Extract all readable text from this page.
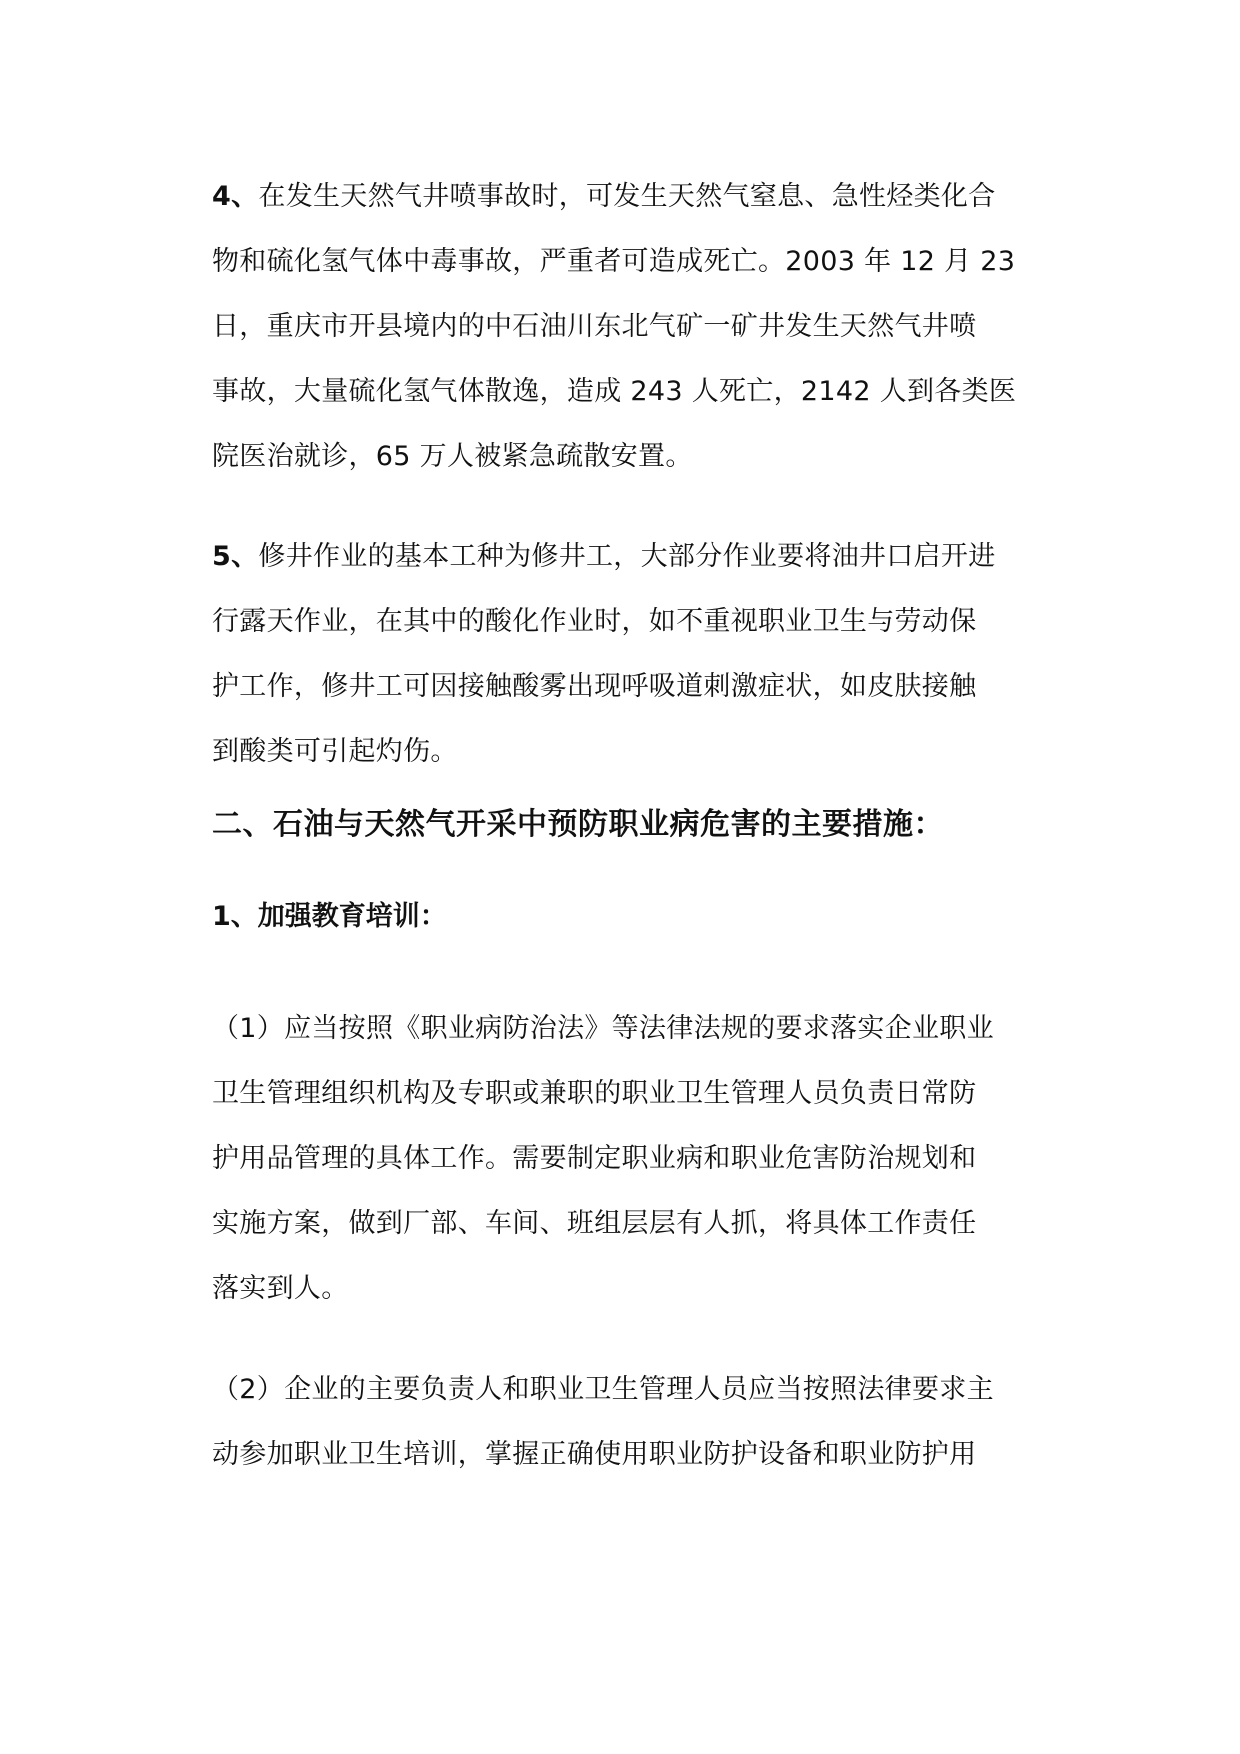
4、在发生天然气井喷事故时，可发生天然气窒息、急性烃类化合
物和硫化氢气体中毒事故，严重者可造成死亡。2003 年 12 月 23
日，重庆市开县境内的中石油川东北气矿一矿井发生天然气井喷
事故，大量硫化氢气体散逸，造成 243 人死亡，2142 人到各类医
院医治就诊，65 万人被紧急疏散安置。
5、修井作业的基本工种为修井工，大部分作业要将油井口启开进
行露天作业，在其中的酸化作业时，如不重视职业卫生与劳动保
护工作，修井工可因接触酸雾出现呼吸道刺激症状，如皮肤接触
到酸类可引起灼伤。
二、石油与天然气开采中预防职业病危害的主要措施：
1、加强教育培训：
（1）应当按照《职业病防治法》等法律法规的要求落实企业职业
卫生管理组织机构及专职或兼职的职业卫生管理人员负责日常防
护用品管理的具体工作。需要制定职业病和职业危害防治规划和
实施方案，做到厂部、车间、班组层层有人抓，将具体工作责任
落实到人。
（2）企业的主要负责人和职业卫生管理人员应当按照法律要求主
动参加职业卫生培训，掌握正确使用职业防护设备和职业防护用
